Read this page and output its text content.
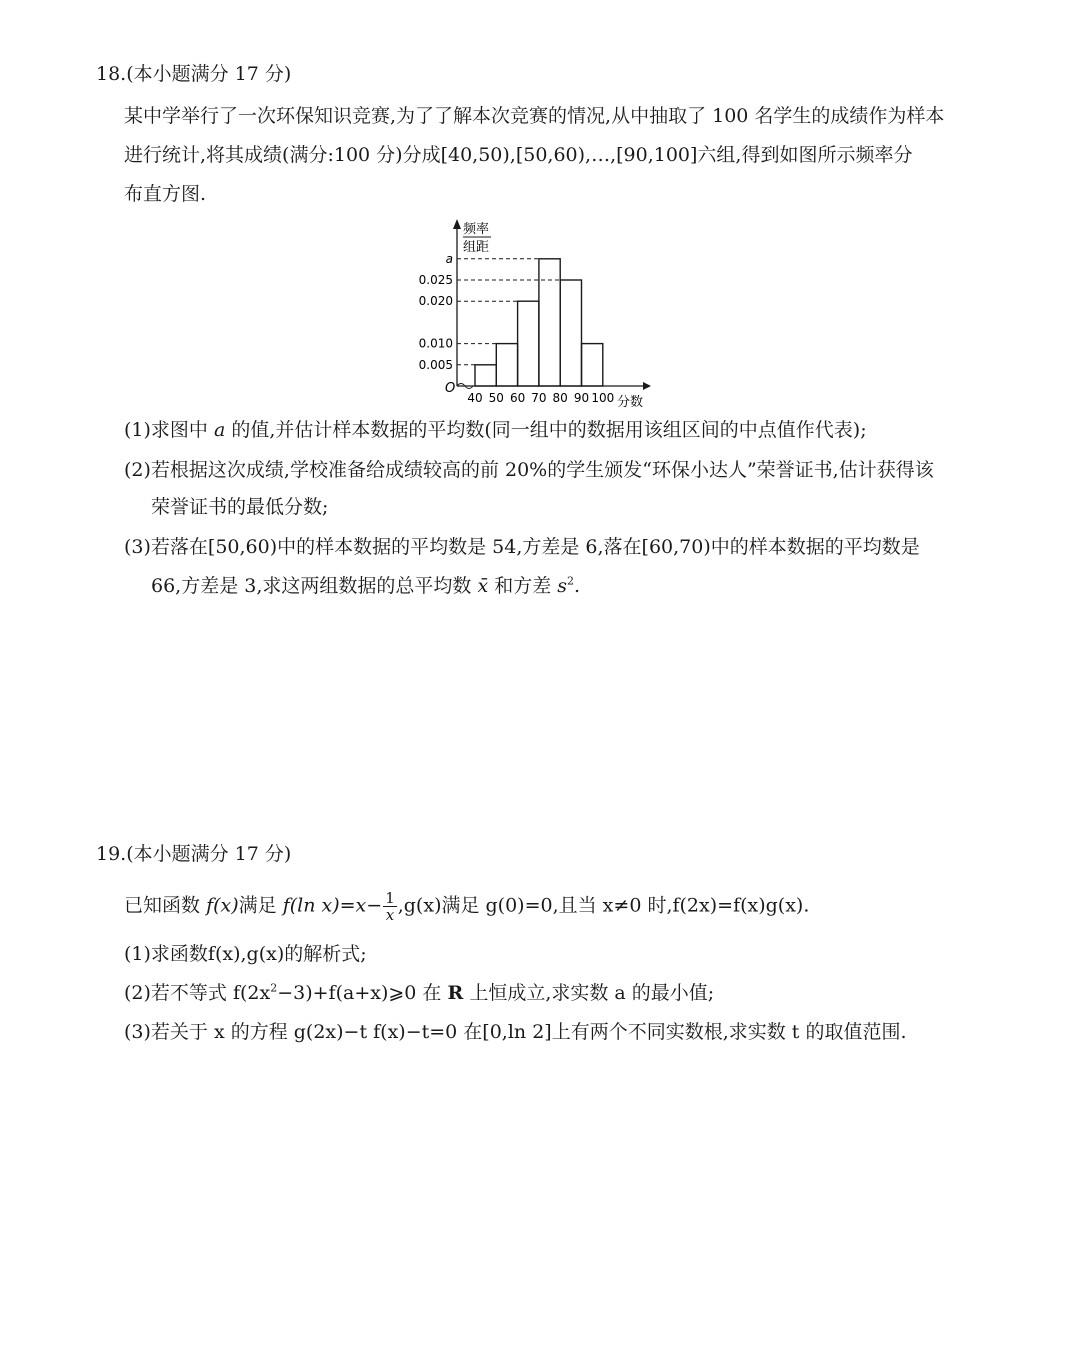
18.(本小题满分 17 分)
某中学举行了一次环保知识竞赛,为了了解本次竞赛的情况,从中抽取了 100 名学生的成绩作为样本
进行统计,将其成绩(满分:100 分)分成[40,50),[50,60),…,[90,100]六组,得到如图所示频率分
布直方图.
频率
组距
O
0.005
0.010
0.020
0.025
a
40 50 60 70 80 90 100 分数
(1)求图中 a 的值,并估计样本数据的平均数(同一组中的数据用该组区间的中点值作代表);
(2)若根据这次成绩,学校准备给成绩较高的前 20%的学生颁发“环保小达人”荣誉证书,估计获得该
荣誉证书的最低分数;
(3)若落在[50,60)中的样本数据的平均数是 54,方差是 6,落在[60,70)中的样本数据的平均数是
66,方差是 3,求这两组数据的总平均数 x̄ 和方差 $s^2$.
19.(本小题满分 17 分)
已知函数 f(x)满足 f(ln $x)=x- \frac{1}{x} ,g(x)$满足 g(0)=0,且当 x≠0 时,f(2x)=f(x)g(x).
(1)求函数f(x),g(x)的解析式;
(2)若不等式 $f(2x^2-3)+f(a+x)⩾0$ 在 R 上恒成立,求实数 a 的最小值;
(3)若关于 x 的方程 g(2x)−t f(x)−t=0 在[0,ln 2]上有两个不同实数根,求实数 t 的取值范围.
